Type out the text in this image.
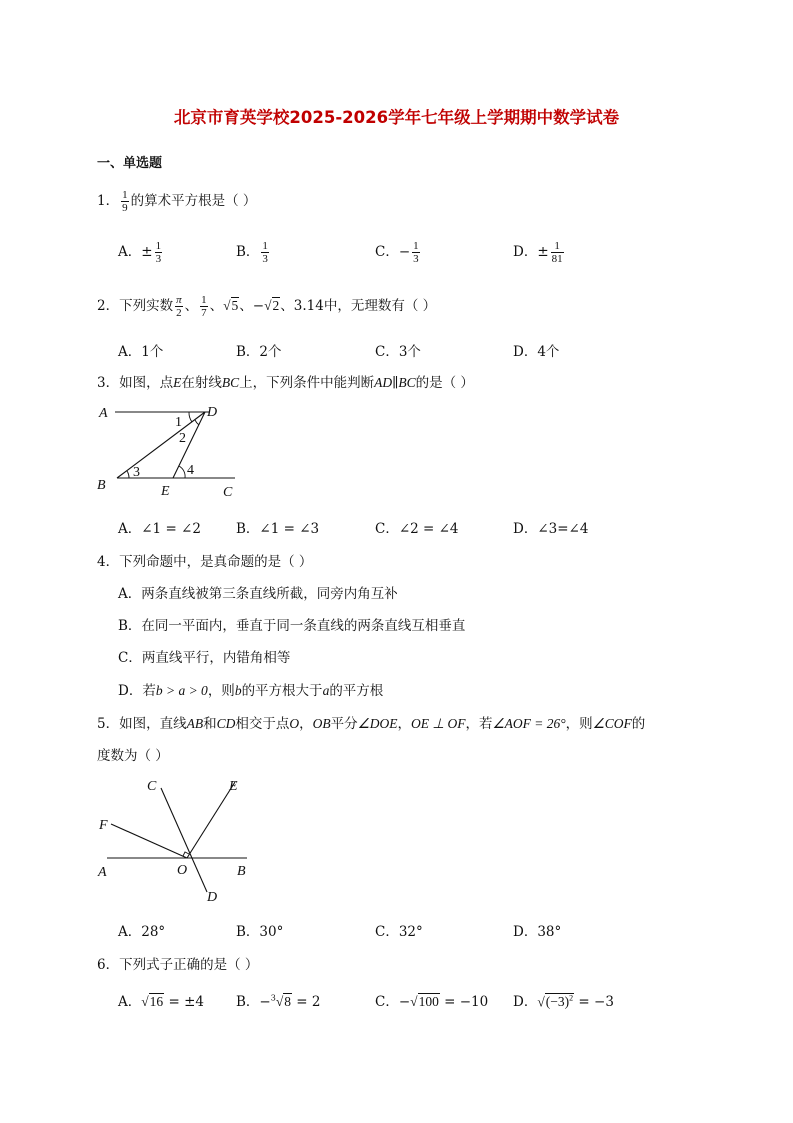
北京市育英学校2025-2026学年七年级上学期期中数学试卷
一、单选题
1． $\frac{1}{9}$ 的算术平方根是（ ）
A．± $\frac{1}{3}$	B． $\frac{1}{3}$	C．− $\frac{1}{3}$	D．± $\frac{1}{81}$
2．下列实数 $\frac{\pi}{2}$ 、 $\frac{1}{7}$ 、√5、−√2、3.14中，无理数有（ ）
A．1个	B．2个	C．3个	D．4个
3．如图，点E在射线BC上，下列条件中能判断AD∥BC的是（ ）
A	D
B	E	C
1
2
3	4
A．∠1 = ∠2	B．∠1 = ∠3	C．∠2 = ∠4	D．∠3=∠4
4．下列命题中，是真命题的是（ ）
A．两条直线被第三条直线所截，同旁内角互补
B．在同一平面内，垂直于同一条直线的两条直线互相垂直
C．两直线平行，内错角相等
D．若b > a > 0，则b的平方根大于a的平方根
5．如图，直线AB和CD相交于点O，OB平分∠DOE，OE ⊥ OF，若∠AOF = 26°，则∠COF的
度数为（ ）
C	E
F
A	O	B
D
A．28°	B．30°	C．32°	D．38°
6．下列式子正确的是（ ）
A．√16 = ±4 B．−$^3$√8 = 2	C．−√100 = −10 D．$√(-3)^2 = -3$
